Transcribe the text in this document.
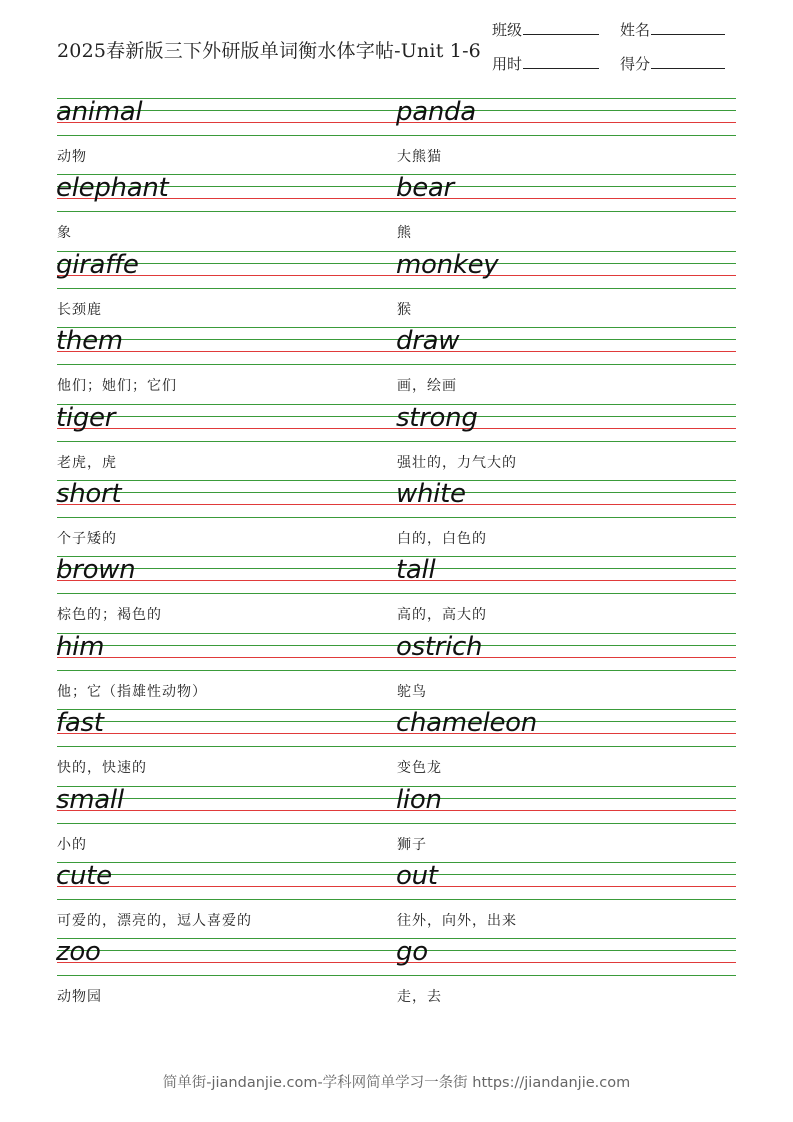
2025春新版三下外研版单词衡水体字帖-Unit 1-6
班级	姓名
用时	得分
animal
动物
panda
大熊猫
elephant
象
bear
熊
giraffe
长颈鹿
monkey
猴
them
他们；她们；它们
draw
画，绘画
tiger
老虎，虎
strong
强壮的，力气大的
short
个子矮的
white
白的，白色的
brown
棕色的；褐色的
tall
高的，高大的
him
他；它（指雄性动物）
ostrich
鸵鸟
fast
快的，快速的
chameleon
变色龙
small
小的
lion
狮子
cute
可爱的，漂亮的，逗人喜爱的
out
往外，向外，出来
zoo
动物园
go
走，去
简单街-jiandanjie.com-学科网简单学习一条街 https://jiandanjie.com
